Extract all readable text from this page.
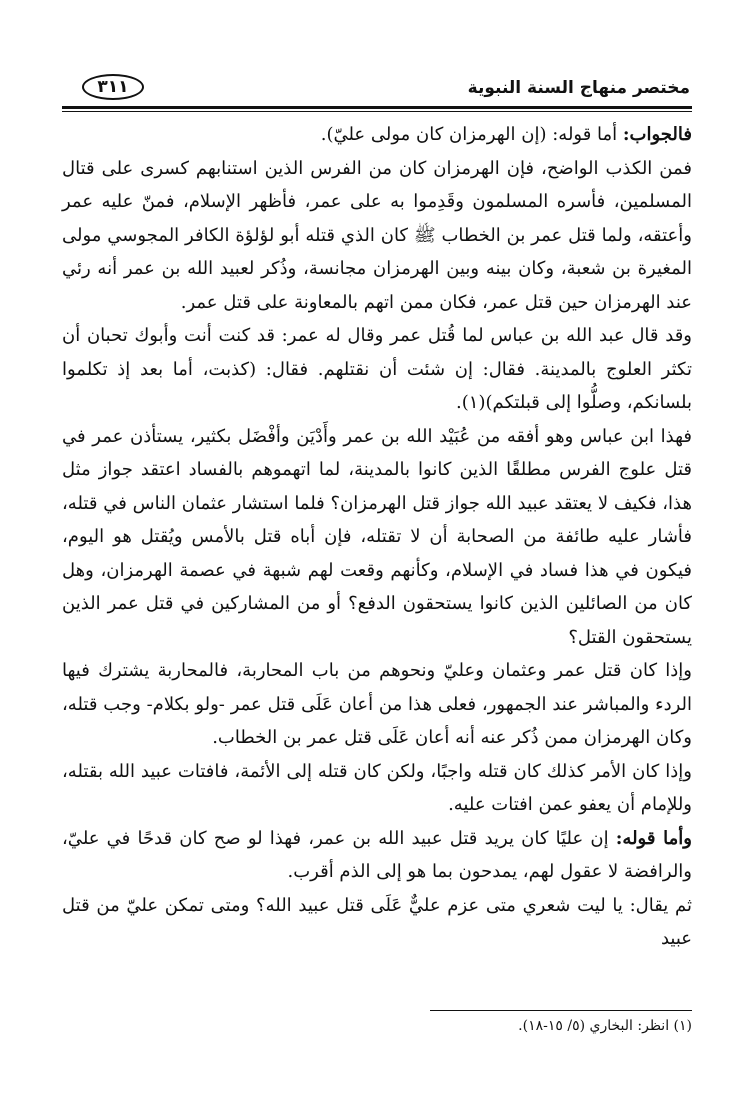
مختصر منهاج السنة النبوية
٣١١

فالجواب: أما قوله: (إن الهرمزان كان مولى عليّ).

فمن الكذب الواضح، فإن الهرمزان كان من الفرس الذين استنابهم كسرى على قتال المسلمين، فأسره المسلمون وقَدِموا به على عمر، فأظهر الإسلام، فمنّ عليه عمر وأعتقه، ولما قتل عمر بن الخطاب ﷺ كان الذي قتله أبو لؤلؤة الكافر المجوسي مولى المغيرة بن شعبة، وكان بينه وبين الهرمزان مجانسة، وذُكر لعبيد الله بن عمر أنه رئي عند الهرمزان حين قتل عمر، فكان ممن اتهم بالمعاونة على قتل عمر.

وقد قال عبد الله بن عباس لما قُتل عمر وقال له عمر: قد كنت أنت وأبوك تحبان أن تكثر العلوج بالمدينة. فقال: إن شئت أن نقتلهم. فقال: (كذبت، أما بعد إذ تكلموا بلسانكم، وصلُّوا إلى قبلتكم)(١).

فهذا ابن عباس وهو أفقه من عُبَيْد الله بن عمر وأَدْيَن وأفْضَل بكثير، يستأذن عمر في قتل علوج الفرس مطلقًا الذين كانوا بالمدينة، لما اتهموهم بالفساد اعتقد جواز مثل هذا، فكيف لا يعتقد عبيد الله جواز قتل الهرمزان؟ فلما استشار عثمان الناس في قتله، فأشار عليه طائفة من الصحابة أن لا تقتله، فإن أباه قتل بالأمس ويُقتل هو اليوم، فيكون في هذا فساد في الإسلام، وكأنهم وقعت لهم شبهة في عصمة الهرمزان، وهل كان من الصائلين الذين كانوا يستحقون الدفع؟ أو من المشاركين في قتل عمر الذين يستحقون القتل؟

وإذا كان قتل عمر وعثمان وعليّ ونحوهم من باب المحاربة، فالمحاربة يشترك فيها الردء والمباشر عند الجمهور، فعلى هذا من أعان عَلَى قتل عمر -ولو بكلام- وجب قتله، وكان الهرمزان ممن ذُكر عنه أنه أعان عَلَى قتل عمر بن الخطاب.

وإذا كان الأمر كذلك كان قتله واجبًا، ولكن كان قتله إلى الأئمة، فافتات عبيد الله بقتله، وللإمام أن يعفو عمن افتات عليه.

وأما قوله: إن عليًا كان يريد قتل عبيد الله بن عمر، فهذا لو صح كان قدحًا في عليّ، والرافضة لا عقول لهم، يمدحون بما هو إلى الذم أقرب.

ثم يقال: يا ليت شعري متى عزم عليٌّ عَلَى قتل عبيد الله؟ ومتى تمكن عليّ من قتل عبيد

(١) انظر: البخاري (٥/ ١٥-١٨).
